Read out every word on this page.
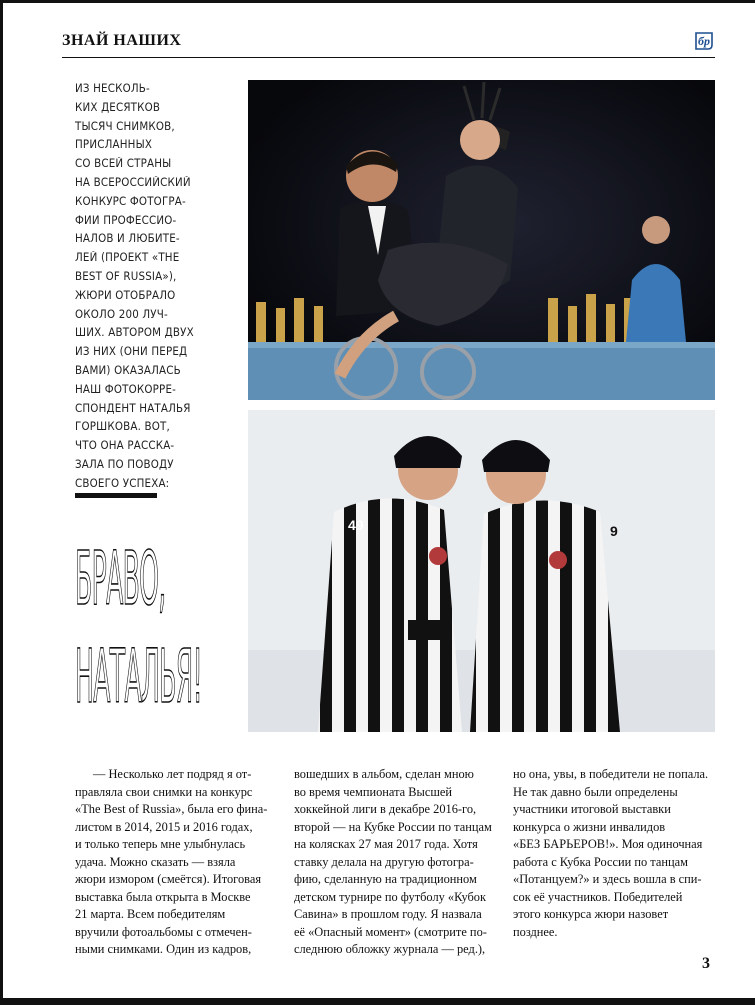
ЗНАЙ НАШИХ	бр
ИЗ НЕСКОЛЬ-
КИХ ДЕСЯТКОВ
ТЫСЯЧ СНИМКОВ,
ПРИСЛАННЫХ
СО ВСЕЙ СТРАНЫ
НА ВСЕРОССИЙСКИЙ
КОНКУРС ФОТОГРА-
ФИИ ПРОФЕССИО-
НАЛОВ И ЛЮБИТЕ-
ЛЕЙ (ПРОЕКТ «THE
BEST OF RUSSIA»),
ЖЮРИ ОТОБРАЛО
ОКОЛО 200 ЛУЧ-
ШИХ. АВТОРОМ ДВУХ
ИЗ НИХ (ОНИ ПЕРЕД
ВАМИ) ОКАЗАЛАСЬ
НАШ ФОТОКОРРЕ-
СПОНДЕНТ НАТАЛЬЯ
ГОРШКОВА. ВОТ,
ЧТО ОНА РАССКА-
ЗАЛА ПО ПОВОДУ
СВОЕГО УСПЕХА:
БРАВО,
НАТАЛЬЯ!
49	9
— Несколько лет подряд я от-
правляла свои снимки на конкурс
«The Best of Russia», была его фина-
листом в 2014, 2015 и 2016 годах,
и только теперь мне улыбнулась
удача. Можно сказать — взяла
жюри измором (смеётся). Итоговая
выставка была открыта в Москве
21 марта. Всем победителям
вручили фотоальбомы с отмечен-
ными снимками. Один из кадров,
вошедших в альбом, сделан мною
во время чемпионата Высшей
хоккейной лиги в декабре 2016-го,
второй — на Кубке России по танцам
на колясках 27 мая 2017 года. Хотя
ставку делала на другую фотогра-
фию, сделанную на традиционном
детском турнире по футболу «Кубок
Савина» в прошлом году. Я назвала
её «Опасный момент» (смотрите по-
следнюю обложку журнала — ред.),
но она, увы, в победители не попала.
Не так давно были определены
участники итоговой выставки
конкурса о жизни инвалидов
«БЕЗ БАРЬЕРОВ!». Моя одиночная
работа с Кубка России по танцам
«Потанцуем?» и здесь вошла в спи-
сок её участников. Победителей
этого конкурса жюри назовет
позднее.
3
